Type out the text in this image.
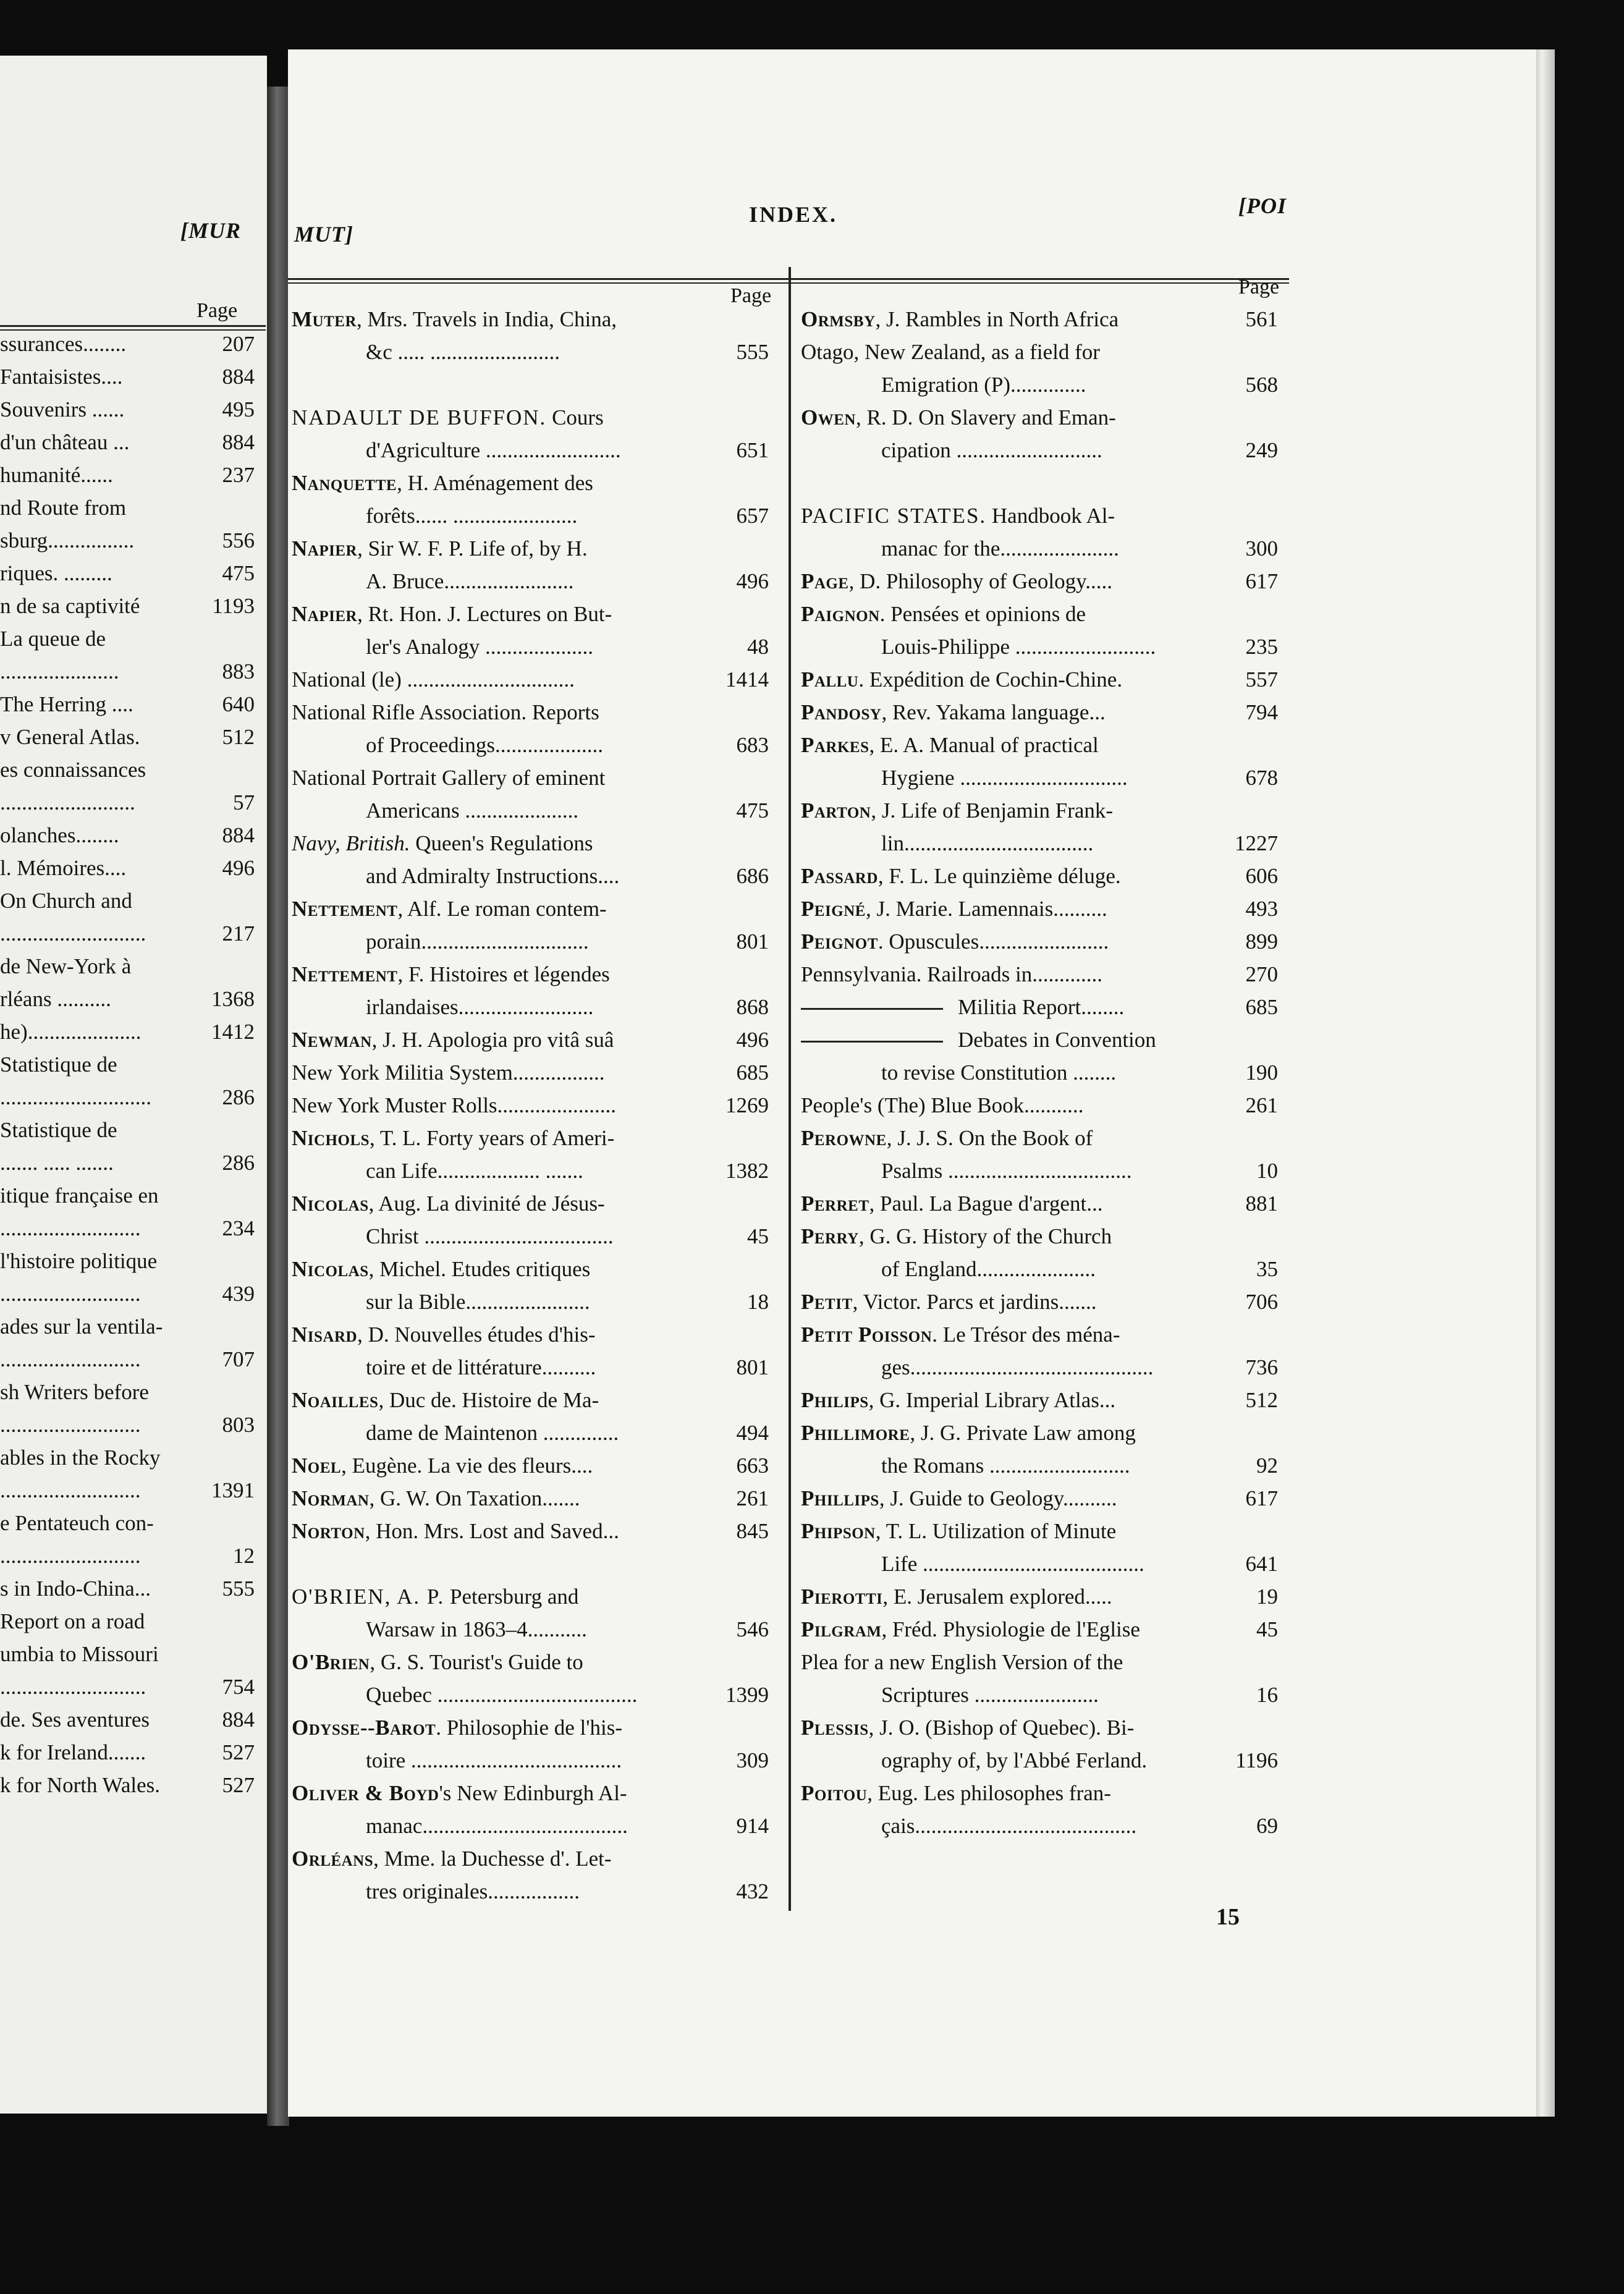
[MUR
Page
ssurances........	207
Fantaisistes....	884
Souvenirs ......	495
d'un château ...	884
humanité......	237
nd Route from
sburg................	556
riques. .........	475
n de sa captivité	1193
La queue de
......................	883
The Herring ....	640
v General Atlas.	512
es connaissances
.........................	57
olanches........	884
l. Mémoires....	496
On Church and
...........................	217
de New-York à
rléans ..........	1368
he).....................	1412
Statistique de
............................	286
Statistique de
....... ..... .......	286
itique française en
..........................	234
l'histoire politique
..........................	439
ades sur la ventila-
..........................	707
sh Writers before
..........................	803
ables in the Rocky
..........................	1391
e Pentateuch con-
..........................	12
s in Indo-China...	555
Report on a road
umbia to Missouri
...........................	754
de. Ses aventures	884
k for Ireland.......	527
k for North Wales.	527
MUT]
INDEX.	[POI
Page	Page
Muter, Mrs. Travels in India, China,
&c ..... ........................	555
NADAULT DE BUFFON. Cours
d'Agriculture .........................	651
Nanquette, H. Aménagement des
forêts...... .......................	657
Napier, Sir W. F. P. Life of, by H.
A. Bruce........................	496
Napier, Rt. Hon. J. Lectures on But-
ler's Analogy ....................	48
National (le) ...............................	1414
National Rifle Association. Reports
of Proceedings....................	683
National Portrait Gallery of eminent
Americans .....................	475
Navy, British. Queen's Regulations
and Admiralty Instructions....	686
Nettement, Alf. Le roman contem-
porain...............................	801
Nettement, F. Histoires et légendes
irlandaises.........................	868
Newman, J. H. Apologia pro vitâ suâ	496
New York Militia System.................	685
New York Muster Rolls......................	1269
Nichols, T. L. Forty years of Ameri-
can Life................... .......	1382
Nicolas, Aug. La divinité de Jésus-
Christ ...................................	45
Nicolas, Michel. Etudes critiques
sur la Bible.......................	18
Nisard, D. Nouvelles études d'his-
toire et de littérature..........	801
Noailles, Duc de. Histoire de Ma-
dame de Maintenon ..............	494
Noel, Eugène. La vie des fleurs....	663
Norman, G. W. On Taxation.......	261
Norton, Hon. Mrs. Lost and Saved...	845
O'BRIEN, A. P. Petersburg and
Warsaw in 1863–4...........	546
O'Brien, G. S. Tourist's Guide to
Quebec .....................................	1399
Odysse--Barot. Philosophie de l'his-
toire .......................................	309
Oliver & Boyd's New Edinburgh Al-
manac......................................	914
Orléans, Mme. la Duchesse d'. Let-
tres originales.................	432
Ormsby, J. Rambles in North Africa	561
Otago, New Zealand, as a field for
Emigration (P)..............	568
Owen, R. D. On Slavery and Eman-
cipation ...........................	249
PACIFIC STATES. Handbook Al-
manac for the......................	300
Page, D. Philosophy of Geology.....	617
Paignon. Pensées et opinions de
Louis-Philippe ..........................	235
Pallu. Expédition de Cochin-Chine.	557
Pandosy, Rev. Yakama language...	794
Parkes, E. A. Manual of practical
Hygiene ...............................	678
Parton, J. Life of Benjamin Frank-
lin...................................	1227
Passard, F. L. Le quinzième déluge.	606
Peigné, J. Marie. Lamennais..........	493
Peignot. Opuscules........................	899
Pennsylvania. Railroads in.............	270
Militia Report........	685
Debates in Convention
to revise Constitution ........	190
People's (The) Blue Book...........	261
Perowne, J. J. S. On the Book of
Psalms ..................................	10
Perret, Paul. La Bague d'argent...	881
Perry, G. G. History of the Church
of England......................	35
Petit, Victor. Parcs et jardins.......	706
Petit Poisson. Le Trésor des ména-
ges.............................................	736
Philips, G. Imperial Library Atlas...	512
Phillimore, J. G. Private Law among
the Romans ..........................	92
Phillips, J. Guide to Geology..........	617
Phipson, T. L. Utilization of Minute
Life .........................................	641
Pierotti, E. Jerusalem explored.....	19
Pilgram, Fréd. Physiologie de l'Eglise	45
Plea for a new English Version of the
Scriptures .......................	16
Plessis, J. O. (Bishop of Quebec). Bi-
ography of, by l'Abbé Ferland.	1196
Poitou, Eug. Les philosophes fran-
çais.........................................	69
15
